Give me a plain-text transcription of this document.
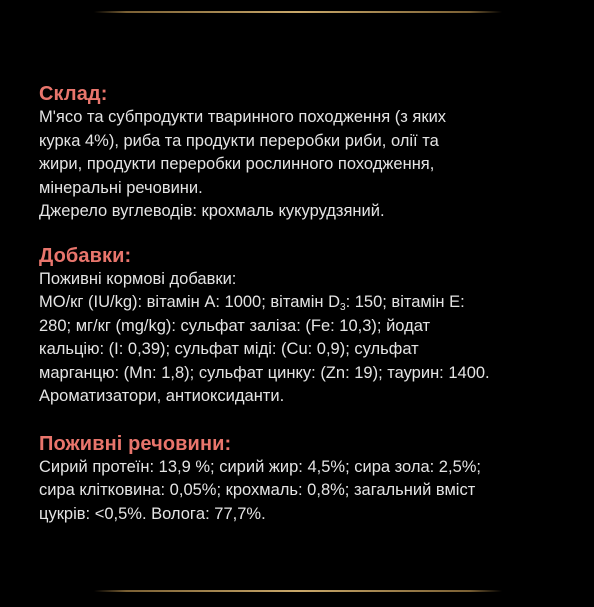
Склад:
М'ясо та субпродукти тваринного походження (з яких
курка 4%), риба та продукти переробки риби, олії та
жири, продукти переробки рослинного походження,
мінеральні речовини.
Джерело вуглеводів: крохмаль кукурудзяний.
Добавки:
Поживні кормові добавки:
МО/кг (IU/kg): вітамін A: 1000; вітамін $D_3$: 150; вітамін E:
280; мг/кг (mg/kg): сульфат заліза: (Fe: 10,3); йодат
кальцію: (I: 0,39); сульфат міді: (Cu: 0,9); сульфат
марганцю: (Mn: 1,8); сульфат цинку: (Zn: 19); таурин: 1400.
Ароматизатори, антиоксиданти.
Поживні речовини:
Сирий протеїн: 13,9 %; сирий жир: 4,5%; сира зола: 2,5%;
сира клітковина: 0,05%; крохмаль: 0,8%; загальний вміст
цукрів: <0,5%. Вологa: 77,7%.
